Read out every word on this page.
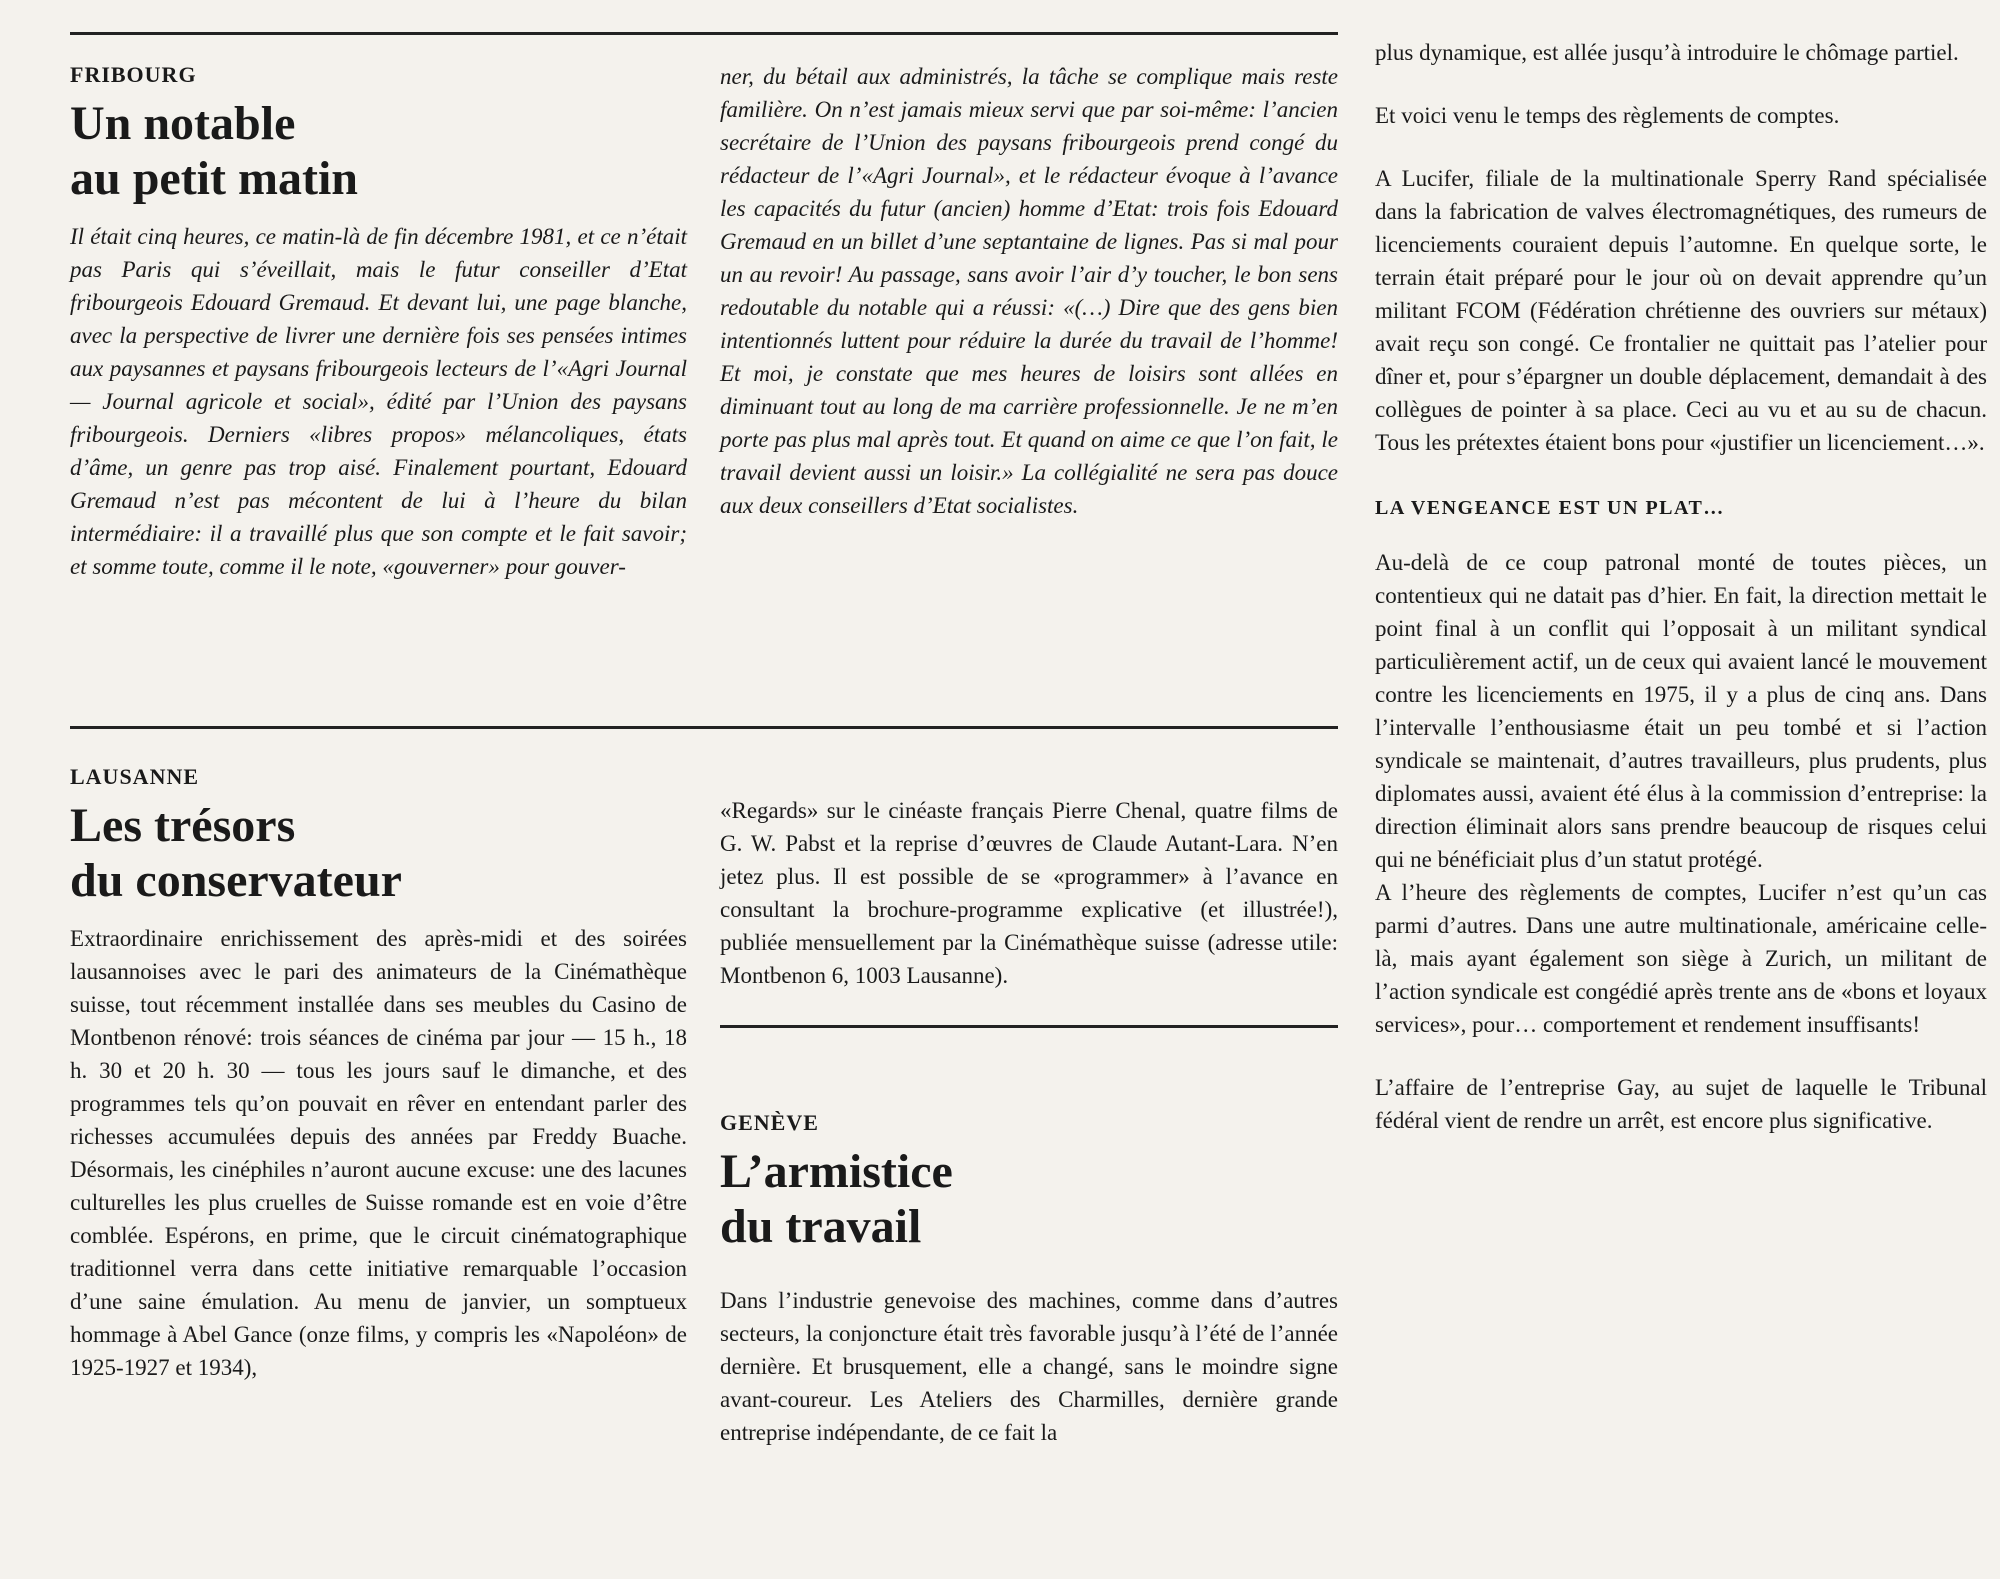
FRIBOURG
Un notable
au petit matin

Il était cinq heures, ce matin-là de fin décembre 1981, et ce n’était pas Paris qui s’éveillait, mais le futur conseiller d’Etat fribourgeois Edouard Gremaud. Et devant lui, une page blanche, avec la perspective de livrer une dernière fois ses pensées intimes aux paysannes et paysans fribourgeois lecteurs de l’«Agri Journal — Journal agricole et social», édité par l’Union des paysans fribourgeois. Derniers «libres propos» mélancoliques, états d’âme, un genre pas trop aisé. Finalement pourtant, Edouard Gremaud n’est pas mécontent de lui à l’heure du bilan intermédiaire: il a travaillé plus que son compte et le fait savoir; et somme toute, comme il le note, «gouverner» pour gouver-

ner, du bétail aux administrés, la tâche se complique mais reste familière. On n’est jamais mieux servi que par soi-même: l’ancien secrétaire de l’Union des paysans fribourgeois prend congé du rédacteur de l’«Agri Journal», et le rédacteur évoque à l’avance les capacités du futur (ancien) homme d’Etat: trois fois Edouard Gremaud en un billet d’une septantaine de lignes. Pas si mal pour un au revoir! Au passage, sans avoir l’air d’y toucher, le bon sens redoutable du notable qui a réussi: «(…) Dire que des gens bien intentionnés luttent pour réduire la durée du travail de l’homme! Et moi, je constate que mes heures de loisirs sont allées en diminuant tout au long de ma carrière professionnelle. Je ne m’en porte pas plus mal après tout. Et quand on aime ce que l’on fait, le travail devient aussi un loisir.» La collégialité ne sera pas douce aux deux conseillers d’Etat socialistes.

LAUSANNE
Les trésors
du conservateur

Extraordinaire enrichissement des après-midi et des soirées lausannoises avec le pari des animateurs de la Cinémathèque suisse, tout récemment installée dans ses meubles du Casino de Montbenon rénové: trois séances de cinéma par jour — 15 h., 18 h. 30 et 20 h. 30 — tous les jours sauf le dimanche, et des programmes tels qu’on pouvait en rêver en entendant parler des richesses accumulées depuis des années par Freddy Buache. Désormais, les cinéphiles n’auront aucune excuse: une des lacunes culturelles les plus cruelles de Suisse romande est en voie d’être comblée. Espérons, en prime, que le circuit cinématographique traditionnel verra dans cette initiative remarquable l’occasion d’une saine émulation. Au menu de janvier, un somptueux hommage à Abel Gance (onze films, y compris les «Napoléon» de 1925-1927 et 1934),

«Regards» sur le cinéaste français Pierre Chenal, quatre films de G. W. Pabst et la reprise d’œuvres de Claude Autant-Lara. N’en jetez plus. Il est possible de se «programmer» à l’avance en consultant la brochure-programme explicative (et illustrée!), publiée mensuellement par la Cinémathèque suisse (adresse utile: Montbenon 6, 1003 Lausanne).

GENÈVE
L’armistice
du travail

Dans l’industrie genevoise des machines, comme dans d’autres secteurs, la conjoncture était très favorable jusqu’à l’été de l’année dernière. Et brusquement, elle a changé, sans le moindre signe avant-coureur. Les Ateliers des Charmilles, dernière grande entreprise indépendante, de ce fait la

plus dynamique, est allée jusqu’à introduire le chômage partiel.

Et voici venu le temps des règlements de comptes.

A Lucifer, filiale de la multinationale Sperry Rand spécialisée dans la fabrication de valves électromagnétiques, des rumeurs de licenciements couraient depuis l’automne. En quelque sorte, le terrain était préparé pour le jour où on devait apprendre qu’un militant FCOM (Fédération chrétienne des ouvriers sur métaux) avait reçu son congé. Ce frontalier ne quittait pas l’atelier pour dîner et, pour s’épargner un double déplacement, demandait à des collègues de pointer à sa place. Ceci au vu et au su de chacun. Tous les prétextes étaient bons pour «justifier un licenciement…».

LA VENGEANCE EST UN PLAT…

Au-delà de ce coup patronal monté de toutes pièces, un contentieux qui ne datait pas d’hier. En fait, la direction mettait le point final à un conflit qui l’opposait à un militant syndical particulièrement actif, un de ceux qui avaient lancé le mouvement contre les licenciements en 1975, il y a plus de cinq ans. Dans l’intervalle l’enthousiasme était un peu tombé et si l’action syndicale se maintenait, d’autres travailleurs, plus prudents, plus diplomates aussi, avaient été élus à la commission d’entreprise: la direction éliminait alors sans prendre beaucoup de risques celui qui ne bénéficiait plus d’un statut protégé.

A l’heure des règlements de comptes, Lucifer n’est qu’un cas parmi d’autres. Dans une autre multinationale, américaine celle-là, mais ayant également son siège à Zurich, un militant de l’action syndicale est congédié après trente ans de «bons et loyaux services», pour… comportement et rendement insuffisants!

L’affaire de l’entreprise Gay, au sujet de laquelle le Tribunal fédéral vient de rendre un arrêt, est encore plus significative.
